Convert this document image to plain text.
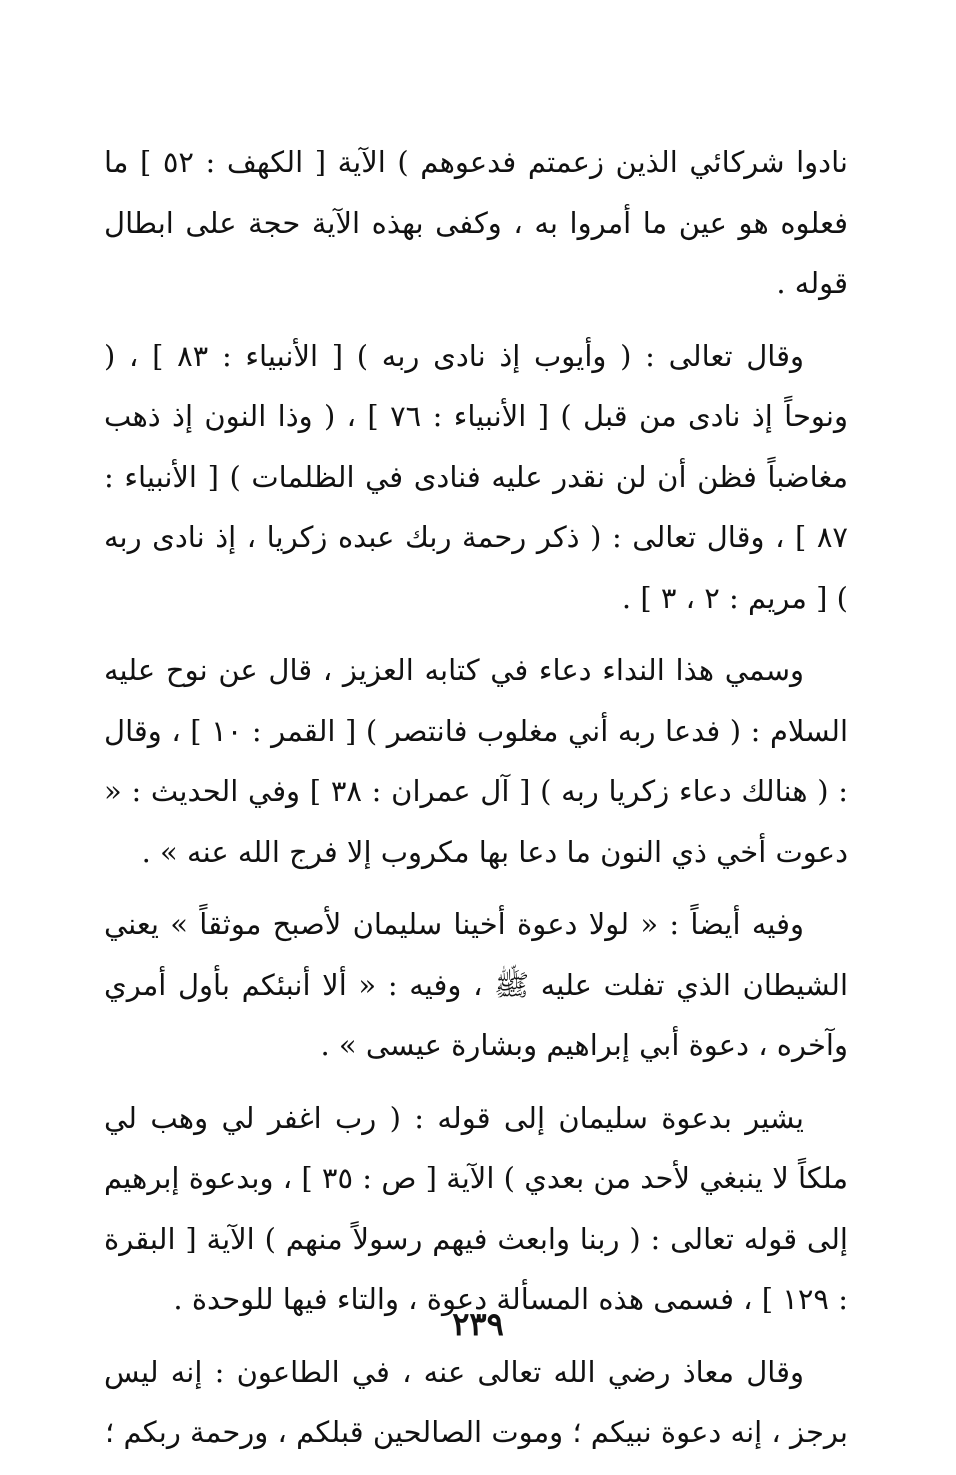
نادوا شركائي الذين زعمتم فدعوهم ) الآية [ الكهف : ٥٢ ] ما فعلوه هو عين ما أمروا به ، وكفى بهذه الآية حجة على ابطال قوله .

وقال تعالى : ( وأيوب إذ نادى ربه ) [ الأنبياء : ٨٣ ] ، ( ونوحاً إذ نادى من قبل ) [ الأنبياء : ٧٦ ] ، ( وذا النون إذ ذهب مغاضباً فظن أن لن نقدر عليه فنادى في الظلمات ) [ الأنبياء : ٨٧ ] ، وقال تعالى : ( ذكر رحمة ربك عبده زكريا ، إذ نادى ربه ) [ مريم : ٢ ، ٣ ] .

وسمي هذا النداء دعاء في كتابه العزيز ، قال عن نوح عليه السلام : ( فدعا ربه أني مغلوب فانتصر ) [ القمر : ١٠ ] ، وقال : ( هنالك دعاء زكريا ربه ) [ آل عمران : ٣٨ ] وفي الحديث : « دعوت أخي ذي النون ما دعا بها مكروب إلا فرج الله عنه » .

وفيه أيضاً : « لولا دعوة أخينا سليمان لأصبح موثقاً » يعني الشيطان الذي تفلت عليه ﷺ ، وفيه : « ألا أنبئكم بأول أمري وآخره ، دعوة أبي إبراهيم وبشارة عيسى » .

يشير بدعوة سليمان إلى قوله : ( رب اغفر لي وهب لي ملكاً لا ينبغي لأحد من بعدي ) الآية [ ص : ٣٥ ] ، وبدعوة إبرهيم إلى قوله تعالى : ( ربنا وابعث فيهم رسولاً منهم ) الآية [ البقرة : ١٢٩ ] ، فسمى هذه المسألة دعوة ، والتاء فيها للوحدة .

وقال معاذ رضي الله تعالى عنه ، في الطاعون : إنه ليس برجز ، إنه دعوة نبيكم ؛ وموت الصالحين قبلكم ، ورحمة ربكم ؛

٢٣٩
